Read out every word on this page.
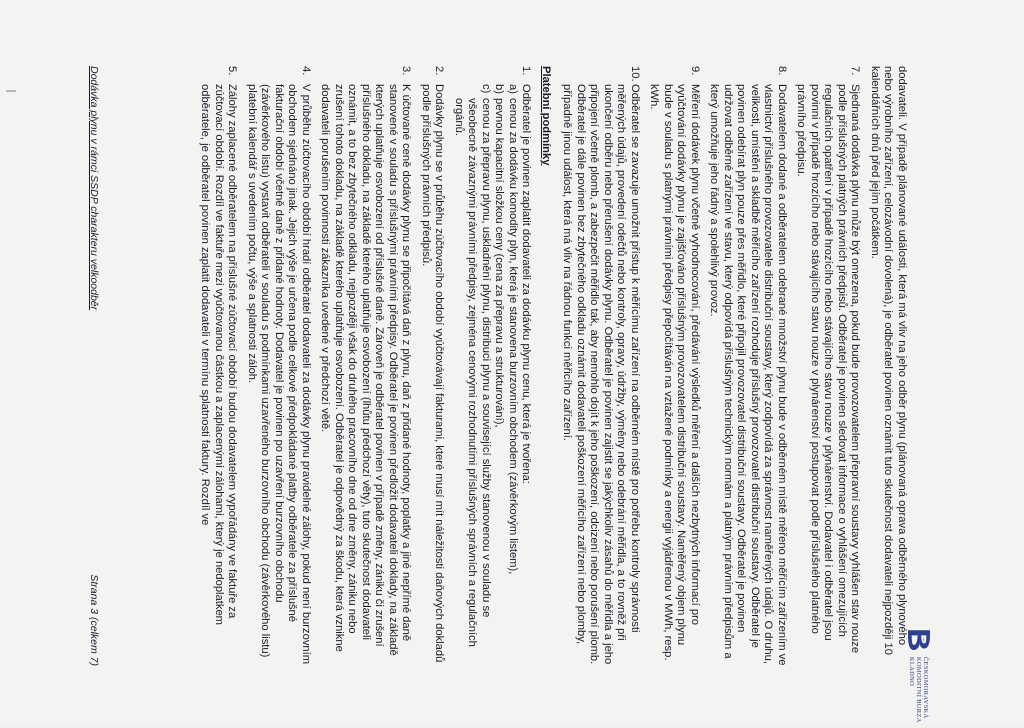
ČESKOMORAVSKÁ
KOMODITNÍ BURZA KLADNO

dodavateli. V případě plánované události, která má vliv na jeho odběr plynu (plánovaná oprava odběrného plynového nebo výrobního zařízení, celozávodní dovolená), je odběratel povinen oznámit tuto skutečnost dodavateli nejpozději 10 kalendářních dnů před jejím počátkem.

7.
Sjednaná dodávka plynu může být omezena, pokud bude provozovatelem přepravní soustavy vyhlášen stav nouze podle příslušných platných právních předpisů. Odběratel je povinen sledovat informace o vyhlášení omezujících regulačních opatření v případě hrozícího nebo stávajícího stavu nouze v plynárenství. Dodavatel i odběratel jsou povinni v případě hrozícího nebo stávajícího stavu nouze v plynárenství postupovat podle příslušného platného právního předpisu.
8.
Dodavatelem dodané a odběratelem odebrané množství plynu bude v odběrném místě měřeno měřícím zařízením ve vlastnictví příslušného provozovatele distribuční soustavy, který zodpovídá za správnost naměřených údajů. O druhu, velikosti, umístění a skladbě měřícího zařízení rozhoduje příslušný provozovatel distribuční soustavy. Odběratel je povinen odebírat plyn pouze přes měřidlo, které připojil provozovatel distribuční soustavy. Odběratel je povinen udržovat odběrné zařízení ve stavu, který odpovídá příslušným technickým normám a platným právním předpisům a který umožňuje jeho řádný a spolehlivý provoz.
9.
Měření dodávek plynu včetně vyhodnocování, předávání výsledků měření a dalších nezbytných informací pro vyúčtování dodávky plynu je zajišťováno příslušným provozovatelem distribuční soustavy. Naměřený objem plynu bude v souladu s platnými právními předpisy přepočítáván na vztažené podmínky a energii vyjádřenou v MWh, resp. kWh.
10.
Odběratel se zavazuje umožnit přístup k měřícímu zařízení na odběrném místě pro potřebu kontroly správnosti měřených údajů, provedení odečtů nebo kontroly, opravy, údržby, výměny nebo odebrání měřidla, a to rovněž při ukončení odběru nebo přerušení dodávky plynu. Odběratel je povinen zajistit se jakýchkoliv zásahů do měřidla a jeho připojení včetně plomb, a zabezpečit měřidlo tak, aby nemohlo dojít k jeho poškození, odcizení nebo porušení plomb. Odběratel je dále povinen bez zbytečného odkladu oznámit dodavateli poškození měřicího zařízení nebo plomby, případně jinou událost, která má vliv na řádnou funkci měřicího zařízení.
Platební podmínky
1.
Odběratel je povinen zaplatit dodavateli za dodávku plynu cenu, která je tvořena:
a)
cenou za dodávku komodity plyn, která je stanovena burzovním obchodem (závěrkovým listem),
b)
pevnou kapacitní složkou ceny (cena za přepravu a strukturování),
c)
cenou za přepravu plynu, uskladnění plynu, distribuci plynu a související služby stanovenou v souladu se všeobecně závaznými právními předpisy, zejména cenovými rozhodnutími příslušných správních a regulačních orgánů.
2.
Dodávky plynu se v průběhu zúčtovacího období vyúčtovávají fakturami, které musí mít náležitosti daňových dokladů podle příslušných právních předpisů.
3.
K účtované ceně dodávky plynu se připočítává daň z plynu, daň z přidané hodnoty, poplatky a jiné nepřímé daně stanovené v souladu s příslušnými právními předpisy. Odběratel je povinen předložit dodavateli doklady, na základě kterých uplatňuje osvobození od příslušné daně. Zároveň je odběratel povinen v případě změny, zániku či zrušení příslušného dokladu, na základě kterého uplatňuje osvobození (lhůtu předchozí věty), tuto skutečnost dodavateli oznámit, a to bez zbytečného odkladu, nejpozději však do druhého pracovního dne od dne změny, zániku nebo zrušení tohoto dokladu, na základě kterého uplatňuje osvobození. Odběratel je odpovědný za škodu, která vznikne dodavateli porušením povinnosti zákazníka uvedené v předchozí větě.
4.
V průběhu zúčtovacího období hradí odběratel dodavateli za dodávky plynu pravidelné zálohy, pokud není burzovním obchodem sjednáno jinak. Jejich výše je určena podle celkové předpokládané platby odběratele za příslušné fakturační období včetně daně z přidané hodnoty. Dodavatel je povinen po uzavření burzovního obchodu (závěrkového listu) vystavit odběrateli v souladu s podmínkami uzavřeného burzovního obchodu (závěrkového listu) platební kalendář s uvedením počtu, výše a splatnosti záloh.
5.
Zálohy zaplacené odběratelem na příslušné zúčtovací období budou dodavatelem vypořádány ve faktuře za zúčtovací období. Rozdíl ve faktuře mezi vyúčtovanou částkou a zaplacenými zálohami, který je nedoplatkem odběratele, je odběratel povinen zaplatit dodavateli v termínu splatnosti faktury. Rozdíl ve
Dodávka plynu v rámci SSDP charakteru velkoodběr
Strana 3 (celkem 7)
